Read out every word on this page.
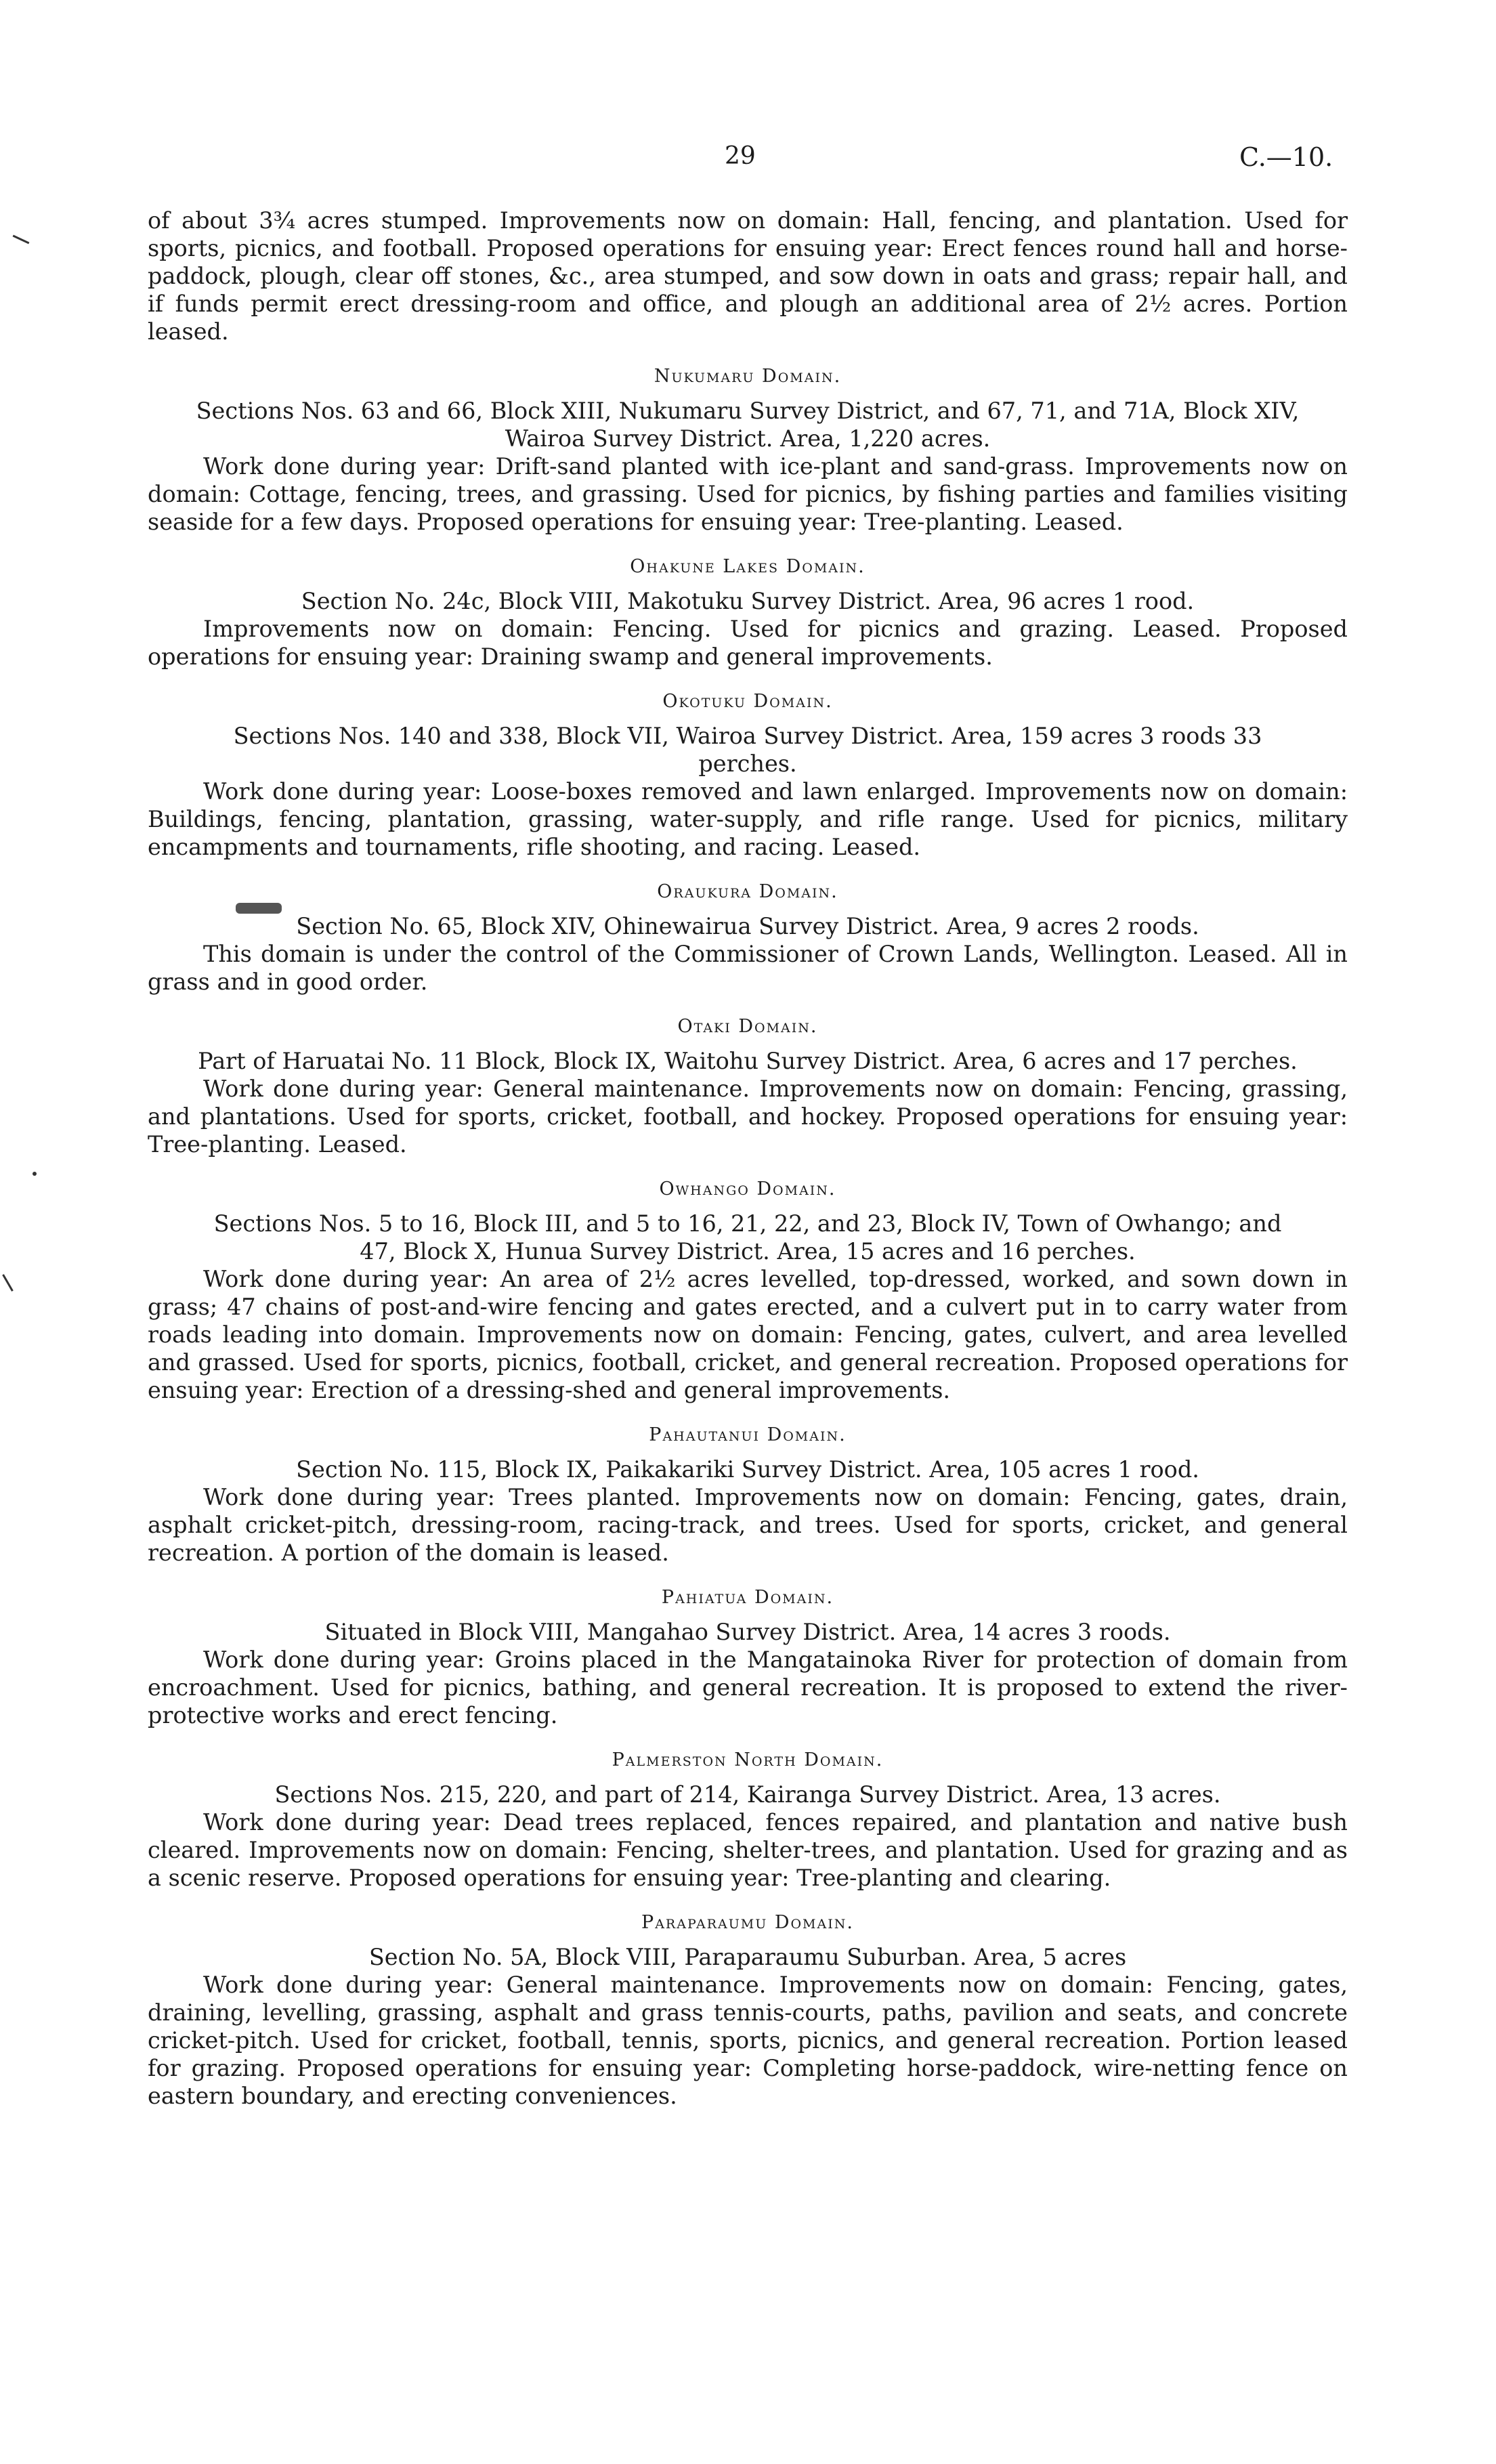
29	C.—10.

of about 3¾ acres stumped. Improvements now on domain: Hall, fencing, and plantation. Used for sports, picnics, and football. Proposed operations for ensuing year: Erect fences round hall and horse-paddock, plough, clear off stones, &c., area stumped, and sow down in oats and grass; repair hall, and if funds permit erect dressing-room and office, and plough an additional area of 2½ acres. Portion leased.

Nukumaru Domain.

Sections Nos. 63 and 66, Block XIII, Nukumaru Survey District, and 67, 71, and 71A, Block XIV, Wairoa Survey District. Area, 1,220 acres.

Work done during year: Drift-sand planted with ice-plant and sand-grass. Improvements now on domain: Cottage, fencing, trees, and grassing. Used for picnics, by fishing parties and families visiting seaside for a few days. Proposed operations for ensuing year: Tree-planting. Leased.

Ohakune Lakes Domain.

Section No. 24c, Block VIII, Makotuku Survey District. Area, 96 acres 1 rood.

Improvements now on domain: Fencing. Used for picnics and grazing. Leased. Proposed operations for ensuing year: Draining swamp and general improvements.

Okotuku Domain.

Sections Nos. 140 and 338, Block VII, Wairoa Survey District. Area, 159 acres 3 roods 33 perches.

Work done during year: Loose-boxes removed and lawn enlarged. Improvements now on domain: Buildings, fencing, plantation, grassing, water-supply, and rifle range. Used for picnics, military encampments and tournaments, rifle shooting, and racing. Leased.

Oraukura Domain.

Section No. 65, Block XIV, Ohinewairua Survey District. Area, 9 acres 2 roods.

This domain is under the control of the Commissioner of Crown Lands, Wellington. Leased. All in grass and in good order.

Otaki Domain.

Part of Haruatai No. 11 Block, Block IX, Waitohu Survey District. Area, 6 acres and 17 perches.

Work done during year: General maintenance. Improvements now on domain: Fencing, grassing, and plantations. Used for sports, cricket, football, and hockey. Proposed operations for ensuing year: Tree-planting. Leased.

Owhango Domain.

Sections Nos. 5 to 16, Block III, and 5 to 16, 21, 22, and 23, Block IV, Town of Owhango; and 47, Block X, Hunua Survey District. Area, 15 acres and 16 perches.

Work done during year: An area of 2½ acres levelled, top-dressed, worked, and sown down in grass; 47 chains of post-and-wire fencing and gates erected, and a culvert put in to carry water from roads leading into domain. Improvements now on domain: Fencing, gates, culvert, and area levelled and grassed. Used for sports, picnics, football, cricket, and general recreation. Proposed operations for ensuing year: Erection of a dressing-shed and general improvements.

Pahautanui Domain.

Section No. 115, Block IX, Paikakariki Survey District. Area, 105 acres 1 rood.

Work done during year: Trees planted. Improvements now on domain: Fencing, gates, drain, asphalt cricket-pitch, dressing-room, racing-track, and trees. Used for sports, cricket, and general recreation. A portion of the domain is leased.

Pahiatua Domain.

Situated in Block VIII, Mangahao Survey District. Area, 14 acres 3 roods.

Work done during year: Groins placed in the Mangatainoka River for protection of domain from encroachment. Used for picnics, bathing, and general recreation. It is proposed to extend the river-protective works and erect fencing.

Palmerston North Domain.

Sections Nos. 215, 220, and part of 214, Kairanga Survey District. Area, 13 acres.

Work done during year: Dead trees replaced, fences repaired, and plantation and native bush cleared. Improvements now on domain: Fencing, shelter-trees, and plantation. Used for grazing and as a scenic reserve. Proposed operations for ensuing year: Tree-planting and clearing.

Paraparaumu Domain.

Section No. 5A, Block VIII, Paraparaumu Suburban. Area, 5 acres

Work done during year: General maintenance. Improvements now on domain: Fencing, gates, draining, levelling, grassing, asphalt and grass tennis-courts, paths, pavilion and seats, and concrete cricket-pitch. Used for cricket, football, tennis, sports, picnics, and general recreation. Portion leased for grazing. Proposed operations for ensuing year: Completing horse-paddock, wire-netting fence on eastern boundary, and erecting conveniences.
